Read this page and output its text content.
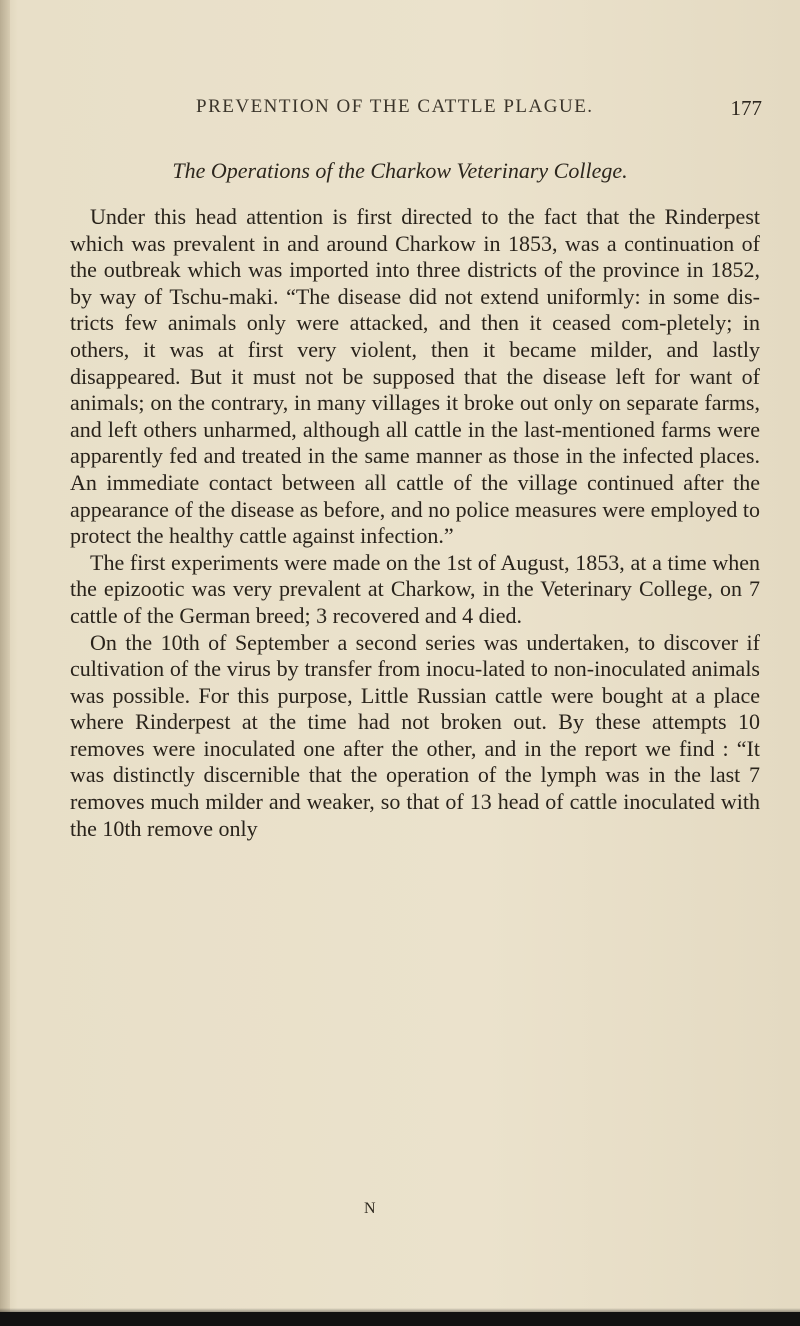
PREVENTION OF THE CATTLE PLAGUE.	177
The Operations of the Charkow Veterinary College.

Under this head attention is first directed to the fact that the Rinderpest which was prevalent in and around Charkow in 1853, was a continuation of the outbreak which was imported into three districts of the province in 1852, by way of Tschu-maki. “The disease did not extend uniformly: in some dis-tricts few animals only were attacked, and then it ceased com-pletely; in others, it was at first very violent, then it became milder, and lastly disappeared. But it must not be supposed that the disease left for want of animals; on the contrary, in many villages it broke out only on separate farms, and left others unharmed, although all cattle in the last-mentioned farms were apparently fed and treated in the same manner as those in the infected places. An immediate contact between all cattle of the village continued after the appearance of the disease as before, and no police measures were employed to protect the healthy cattle against infection.”

The first experiments were made on the 1st of August, 1853, at a time when the epizootic was very prevalent at Charkow, in the Veterinary College, on 7 cattle of the German breed; 3 recovered and 4 died.

On the 10th of September a second series was undertaken, to discover if cultivation of the virus by transfer from inocu-lated to non-inoculated animals was possible. For this purpose, Little Russian cattle were bought at a place where Rinderpest at the time had not broken out. By these attempts 10 removes were inoculated one after the other, and in the report we find : “It was distinctly discernible that the operation of the lymph was in the last 7 removes much milder and weaker, so that of 13 head of cattle inoculated with the 10th remove only

N
